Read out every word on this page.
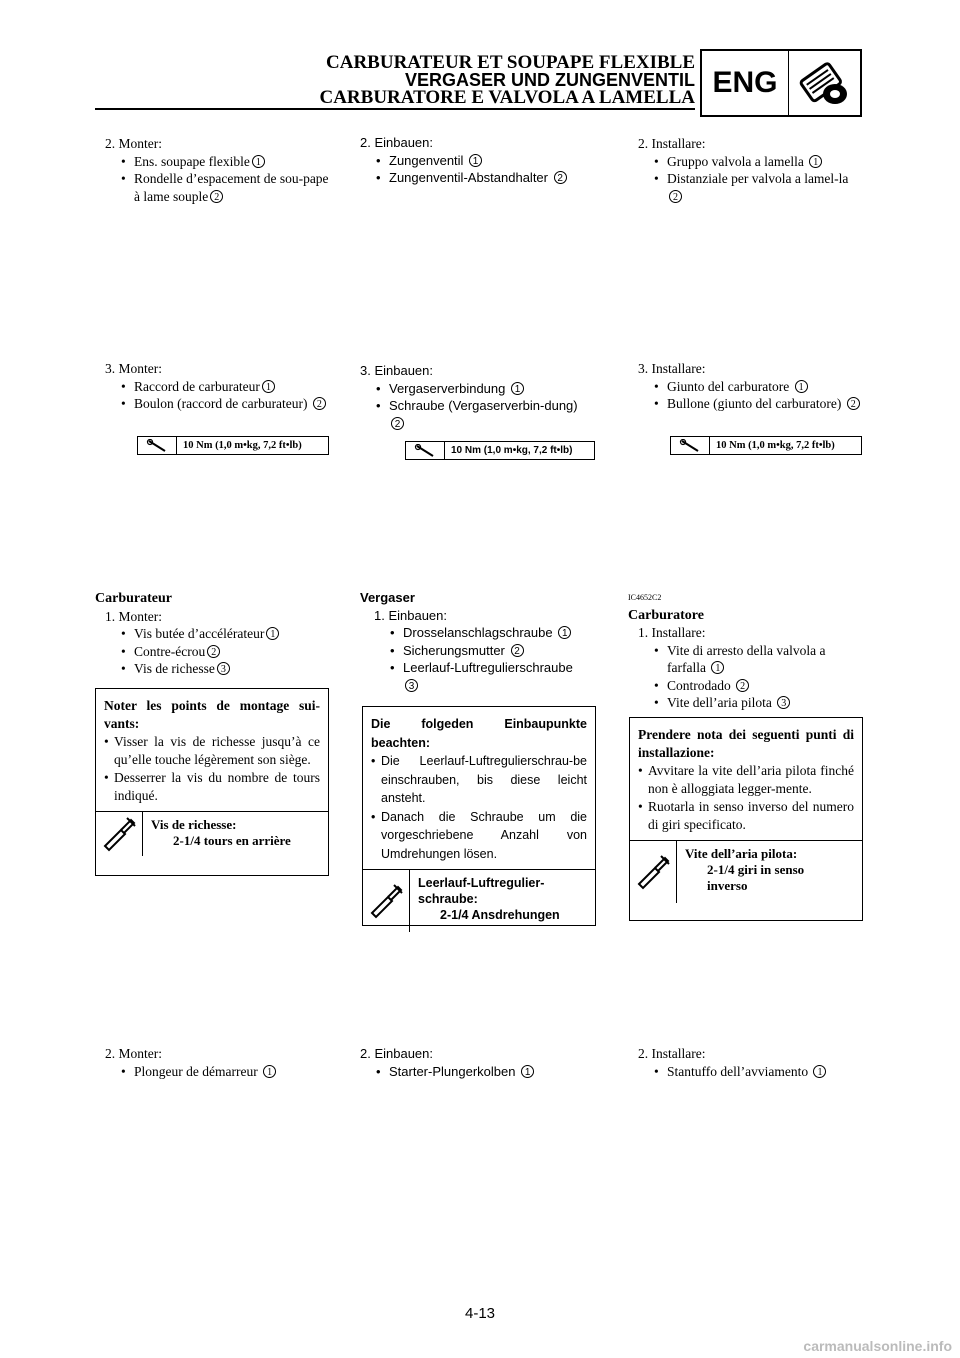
CARBURATEUR ET SOUPAPE FLEXIBLE
VERGASER UND ZUNGENVENTIL
CARBURATORE E VALVOLA A LAMELLA ENG
2. Monter:
• Ens. soupape flexible 1
• Rondelle d’espacement de sou-pape à lame souple 2
3. Monter:
• Raccord de carburateur 1
• Boulon (raccord de carburateur) 2
10 Nm (1,0 m•kg, 7,2 ft•lb)
Carburateur
1. Monter:
• Vis butée d’accélérateur 1
• Contre-écrou 2
• Vis de richesse 3
Noter les points de montage sui-vants:
• Visser la vis de richesse jusqu’à ce qu’elle touche légèrement son siège.
• Desserrer la vis du nombre de tours indiqué.
Vis de richesse:
2-1/4 tours en arrière
2. Monter:
• Plongeur de démarreur 1
2. Einbauen:
• Zungenventil 1
• Zungenventil-Abstandhalter 2
3. Einbauen:
• Vergaserverbindung 1
• Schraube (Vergaserverbin-dung) 2
10 Nm (1,0 m•kg, 7,2 ft•lb)
Vergaser
1. Einbauen:
• Drosselanschlagschraube 1
• Sicherungsmutter 2
• Leerlauf-Luftregulierschraube
3
Die folgeden Einbaupunkte beachten:
• Die Leerlauf-Luftregulierschrau-be einschrauben, bis diese leicht ansteht.
• Danach die Schraube um die vorgeschriebene Anzahl von Umdrehungen lösen.
Leerlauf-Luftregulier-
schraube:
2-1/4 Ansdrehungen
2. Einbauen:
• Starter-Plungerkolben 1
2. Installare:
• Gruppo valvola a lamella 1
• Distanziale per valvola a lamel-la 2
3. Installare:
• Giunto del carburatore 1
• Bullone (giunto del carburatore) 2
10 Nm (1,0 m•kg, 7,2 ft•lb)
IC4652C2
Carburatore
1. Installare:
• Vite di arresto della valvola a farfalla 1
• Controdado 2
• Vite dell’aria pilota 3
Prendere nota dei seguenti punti di installazione:
• Avvitare la vite dell’aria pilota finché non è alloggiata legger-mente.
• Ruotarla in senso inverso del numero di giri specificato.
Vite dell’aria pilota:
2-1/4 giri in senso
inverso
2. Installare:
• Stantuffo dell’avviamento 1
4-13
carmanualsonline.info
